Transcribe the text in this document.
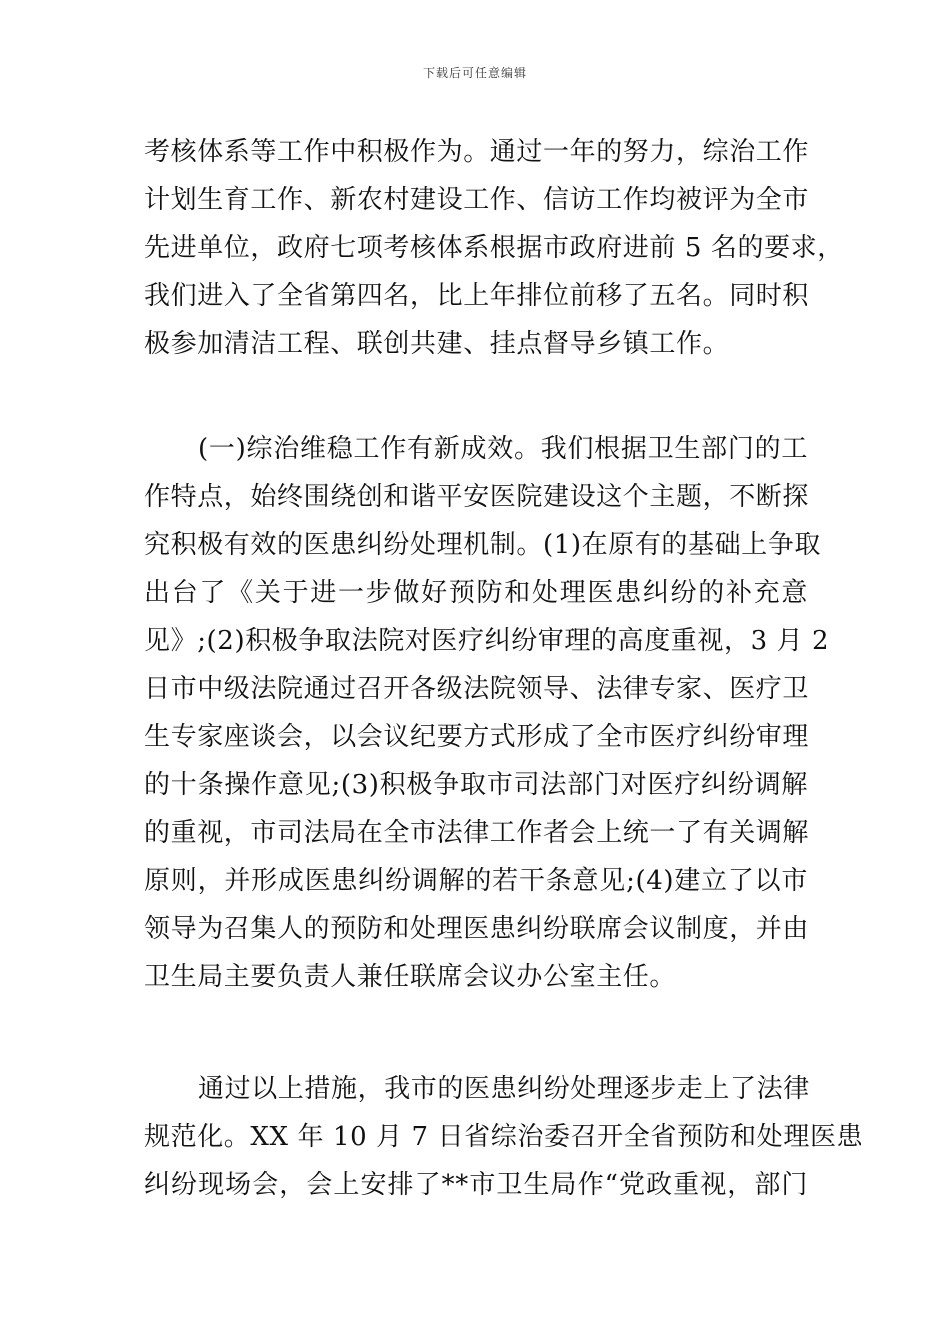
下载后可任意编辑
考核体系等工作中积极作为。通过一年的努力，综治工作
计划生育工作、新农村建设工作、信访工作均被评为全市
先进单位，政府七项考核体系根据市政府进前 5 名的要求，
我们进入了全省第四名，比上年排位前移了五名。同时积
极参加清洁工程、联创共建、挂点督导乡镇工作。
(一)综治维稳工作有新成效。我们根据卫生部门的工
作特点，始终围绕创和谐平安医院建设这个主题，不断探
究积极有效的医患纠纷处理机制。(1)在原有的基础上争取
出台了《关于进一步做好预防和处理医患纠纷的补充意
见》;(2)积极争取法院对医疗纠纷审理的高度重视，3 月 2
日市中级法院通过召开各级法院领导、法律专家、医疗卫
生专家座谈会，以会议纪要方式形成了全市医疗纠纷审理
的十条操作意见;(3)积极争取市司法部门对医疗纠纷调解
的重视，市司法局在全市法律工作者会上统一了有关调解
原则，并形成医患纠纷调解的若干条意见;(4)建立了以市
领导为召集人的预防和处理医患纠纷联席会议制度，并由
卫生局主要负责人兼任联席会议办公室主任。
通过以上措施，我市的医患纠纷处理逐步走上了法律
规范化。XX 年 10 月 7 日省综治委召开全省预防和处理医患
纠纷现场会，会上安排了**市卫生局作“党政重视，部门
